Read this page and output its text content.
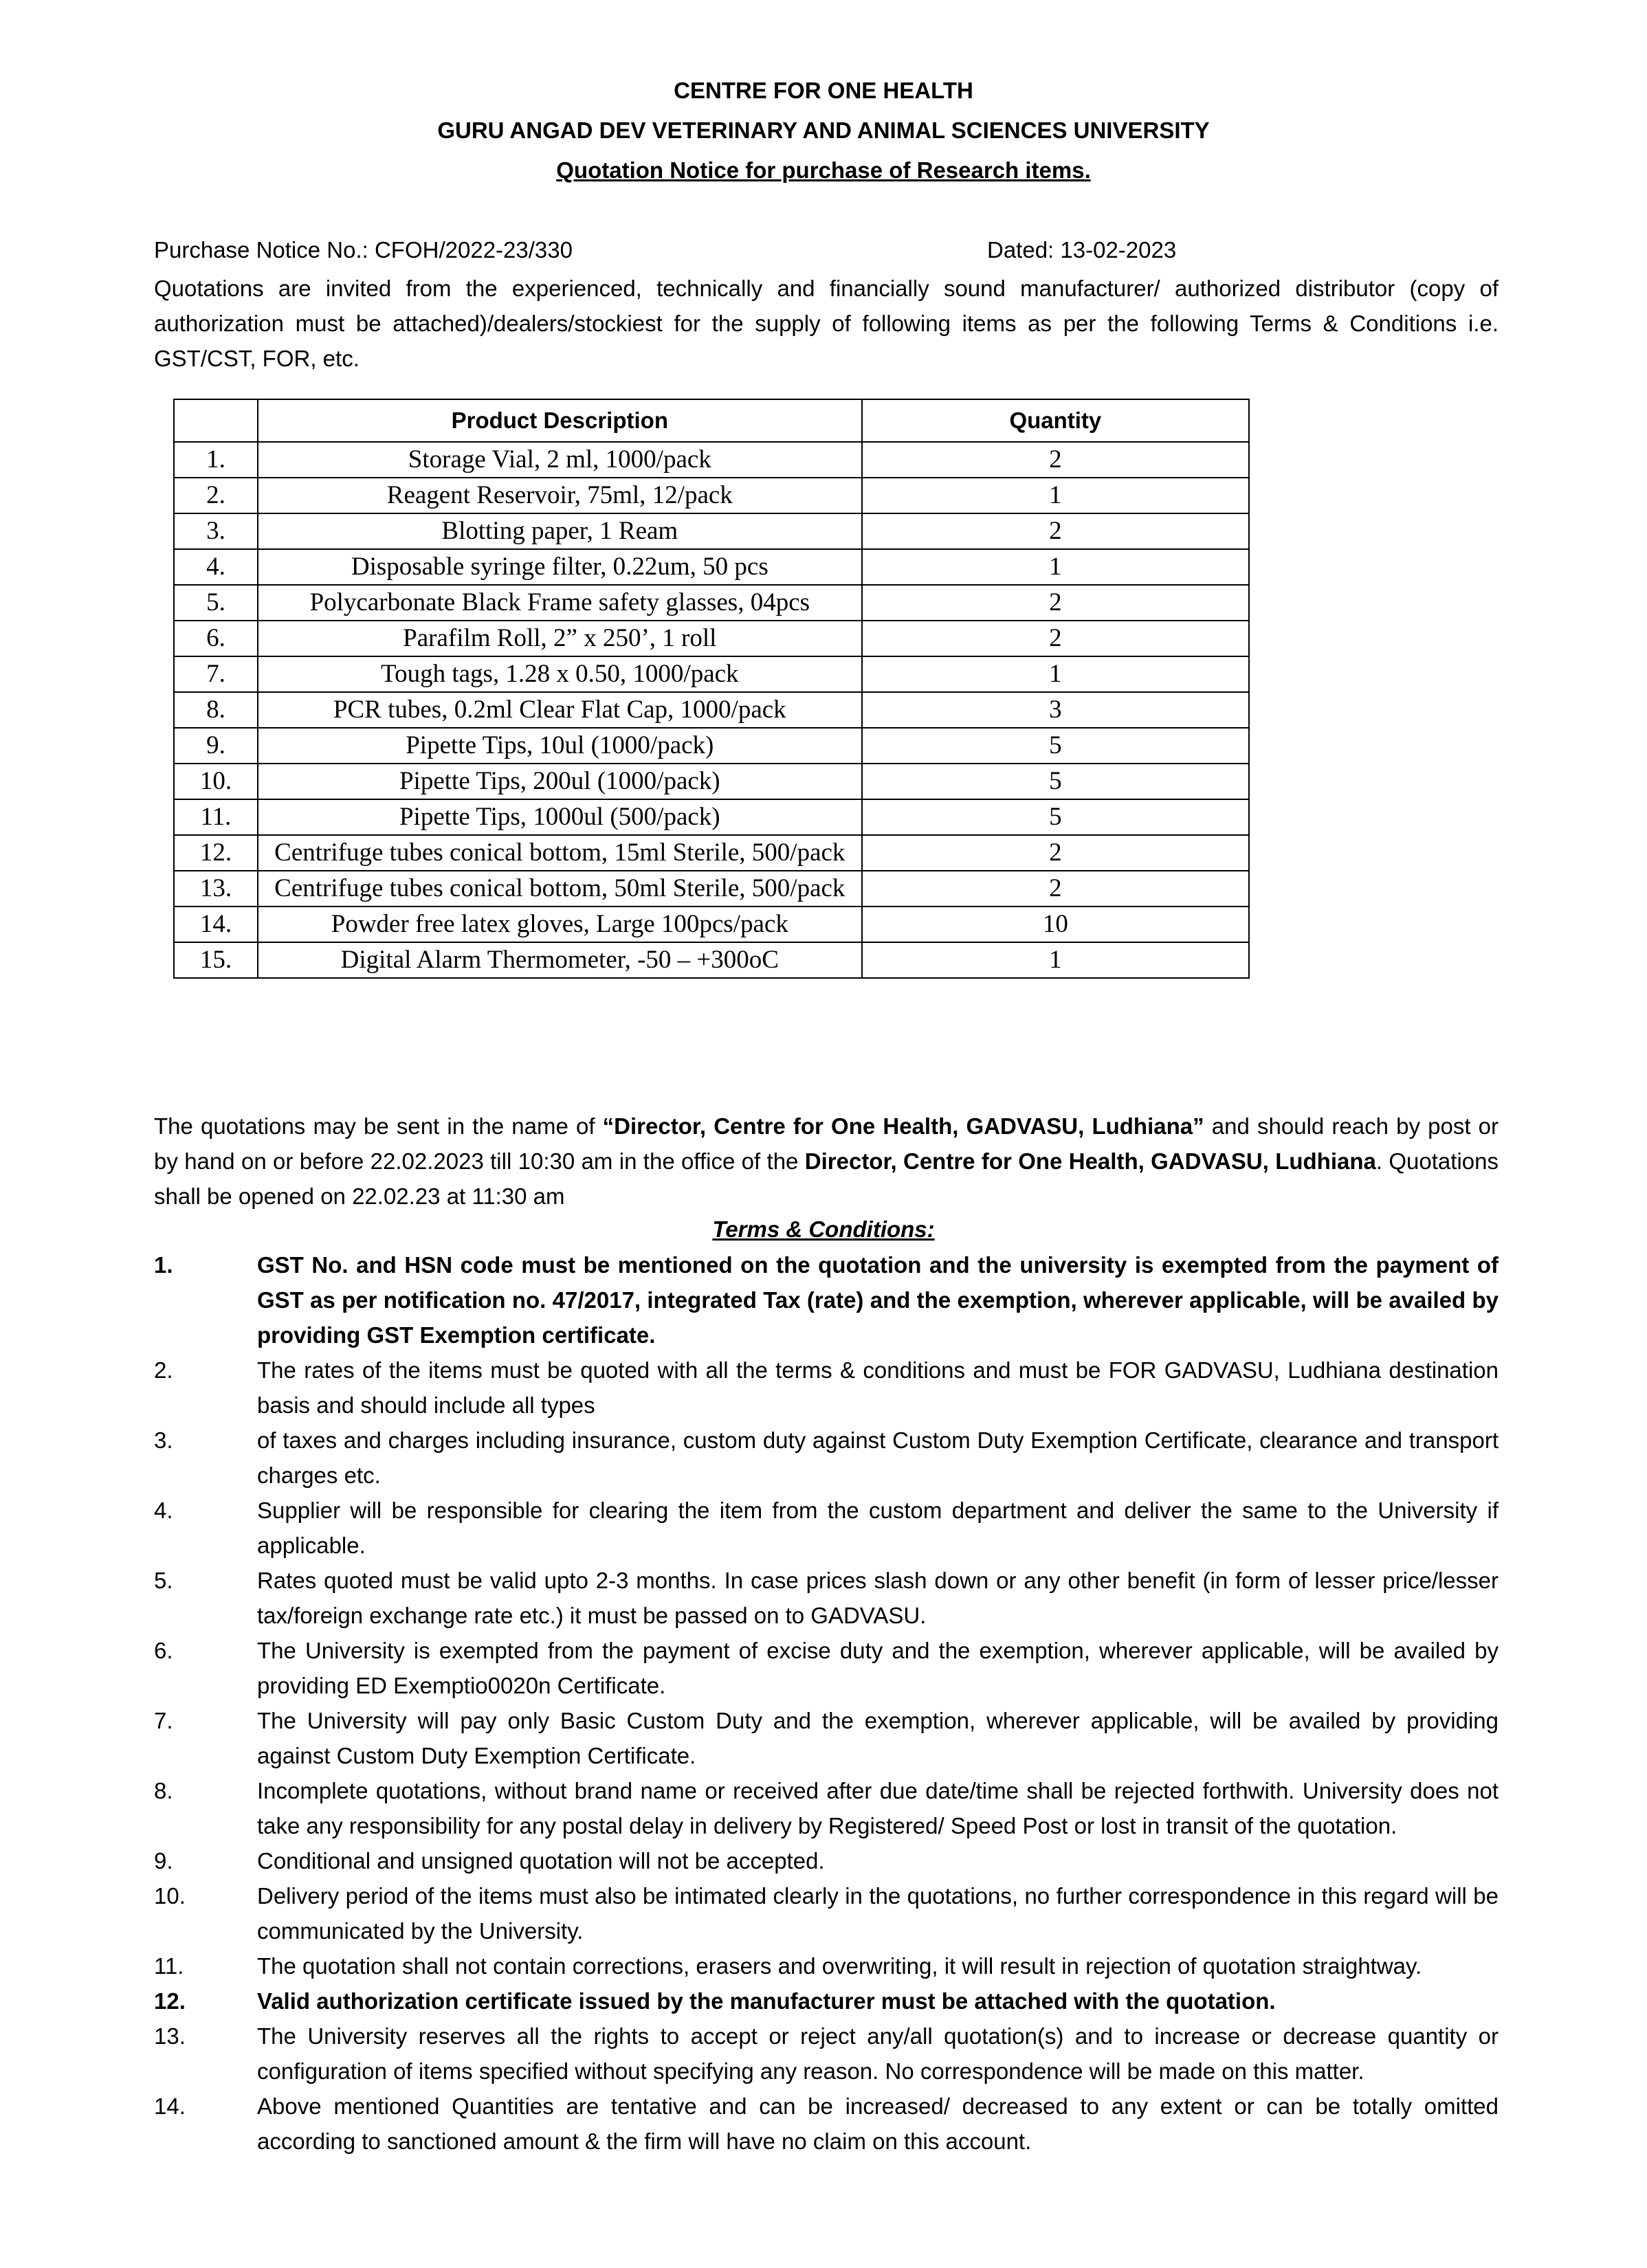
CENTRE FOR ONE HEALTH
GURU ANGAD DEV VETERINARY AND ANIMAL SCIENCES UNIVERSITY
Quotation Notice for purchase of Research items.
Purchase Notice No.: CFOH/2022-23/330	Dated: 13-02-2023
Quotations are invited from the experienced, technically and financially sound manufacturer/ authorized distributor (copy of authorization must be attached)/dealers/stockiest for the supply of following items as per the following Terms & Conditions i.e. GST/CST, FOR, etc.
	Product Description	Quantity
1.	Storage Vial, 2 ml, 1000/pack	2
2.	Reagent Reservoir, 75ml, 12/pack	1
3.	Blotting paper, 1 Ream	2
4.	Disposable syringe filter, 0.22um, 50 pcs	1
5.	Polycarbonate Black Frame safety glasses, 04pcs	2
6.	Parafilm Roll, 2” x 250’, 1 roll	2
7.	Tough tags, 1.28 x 0.50, 1000/pack	1
8.	PCR tubes, 0.2ml Clear Flat Cap, 1000/pack	3
9.	Pipette Tips, 10ul (1000/pack)	5
10.	Pipette Tips, 200ul (1000/pack)	5
11.	Pipette Tips, 1000ul (500/pack)	5
12.	Centrifuge tubes conical bottom, 15ml Sterile, 500/pack	2
13.	Centrifuge tubes conical bottom, 50ml Sterile, 500/pack	2
14.	Powder free latex gloves, Large 100pcs/pack	10
15.	Digital Alarm Thermometer, -50 – +300oC	1
The quotations may be sent in the name of “Director, Centre for One Health, GADVASU, Ludhiana” and should reach by post or by hand on or before 22.02.2023 till 10:30 am in the office of the Director, Centre for One Health, GADVASU, Ludhiana. Quotations shall be opened on 22.02.23 at 11:30 am
Terms & Conditions:
1.	GST No. and HSN code must be mentioned on the quotation and the university is exempted from the payment of GST as per notification no. 47/2017, integrated Tax (rate) and the exemption, wherever applicable, will be availed by providing GST Exemption certificate.
2.	The rates of the items must be quoted with all the terms & conditions and must be FOR GADVASU, Ludhiana destination basis and should include all types
3.	of taxes and charges including insurance, custom duty against Custom Duty Exemption Certificate, clearance and transport charges etc.
4.	Supplier will be responsible for clearing the item from the custom department and deliver the same to the University if applicable.
5.	Rates quoted must be valid upto 2-3 months. In case prices slash down or any other benefit (in form of lesser price/lesser tax/foreign exchange rate etc.) it must be passed on to GADVASU.
6.	The University is exempted from the payment of excise duty and the exemption, wherever applicable, will be availed by providing ED Exemptio0020n Certificate.
7.	The University will pay only Basic Custom Duty and the exemption, wherever applicable, will be availed by providing against Custom Duty Exemption Certificate.
8.	Incomplete quotations, without brand name or received after due date/time shall be rejected forthwith. University does not take any responsibility for any postal delay in delivery by Registered/ Speed Post or lost in transit of the quotation.
9.	Conditional and unsigned quotation will not be accepted.
10.	Delivery period of the items must also be intimated clearly in the quotations, no further correspondence in this regard will be communicated by the University.
11.	The quotation shall not contain corrections, erasers and overwriting, it will result in rejection of quotation straightway.
12.	Valid authorization certificate issued by the manufacturer must be attached with the quotation.
13.	The University reserves all the rights to accept or reject any/all quotation(s) and to increase or decrease quantity or configuration of items specified without specifying any reason. No correspondence will be made on this matter.
14.	Above mentioned Quantities are tentative and can be increased/ decreased to any extent or can be totally omitted according to sanctioned amount & the firm will have no claim on this account.
